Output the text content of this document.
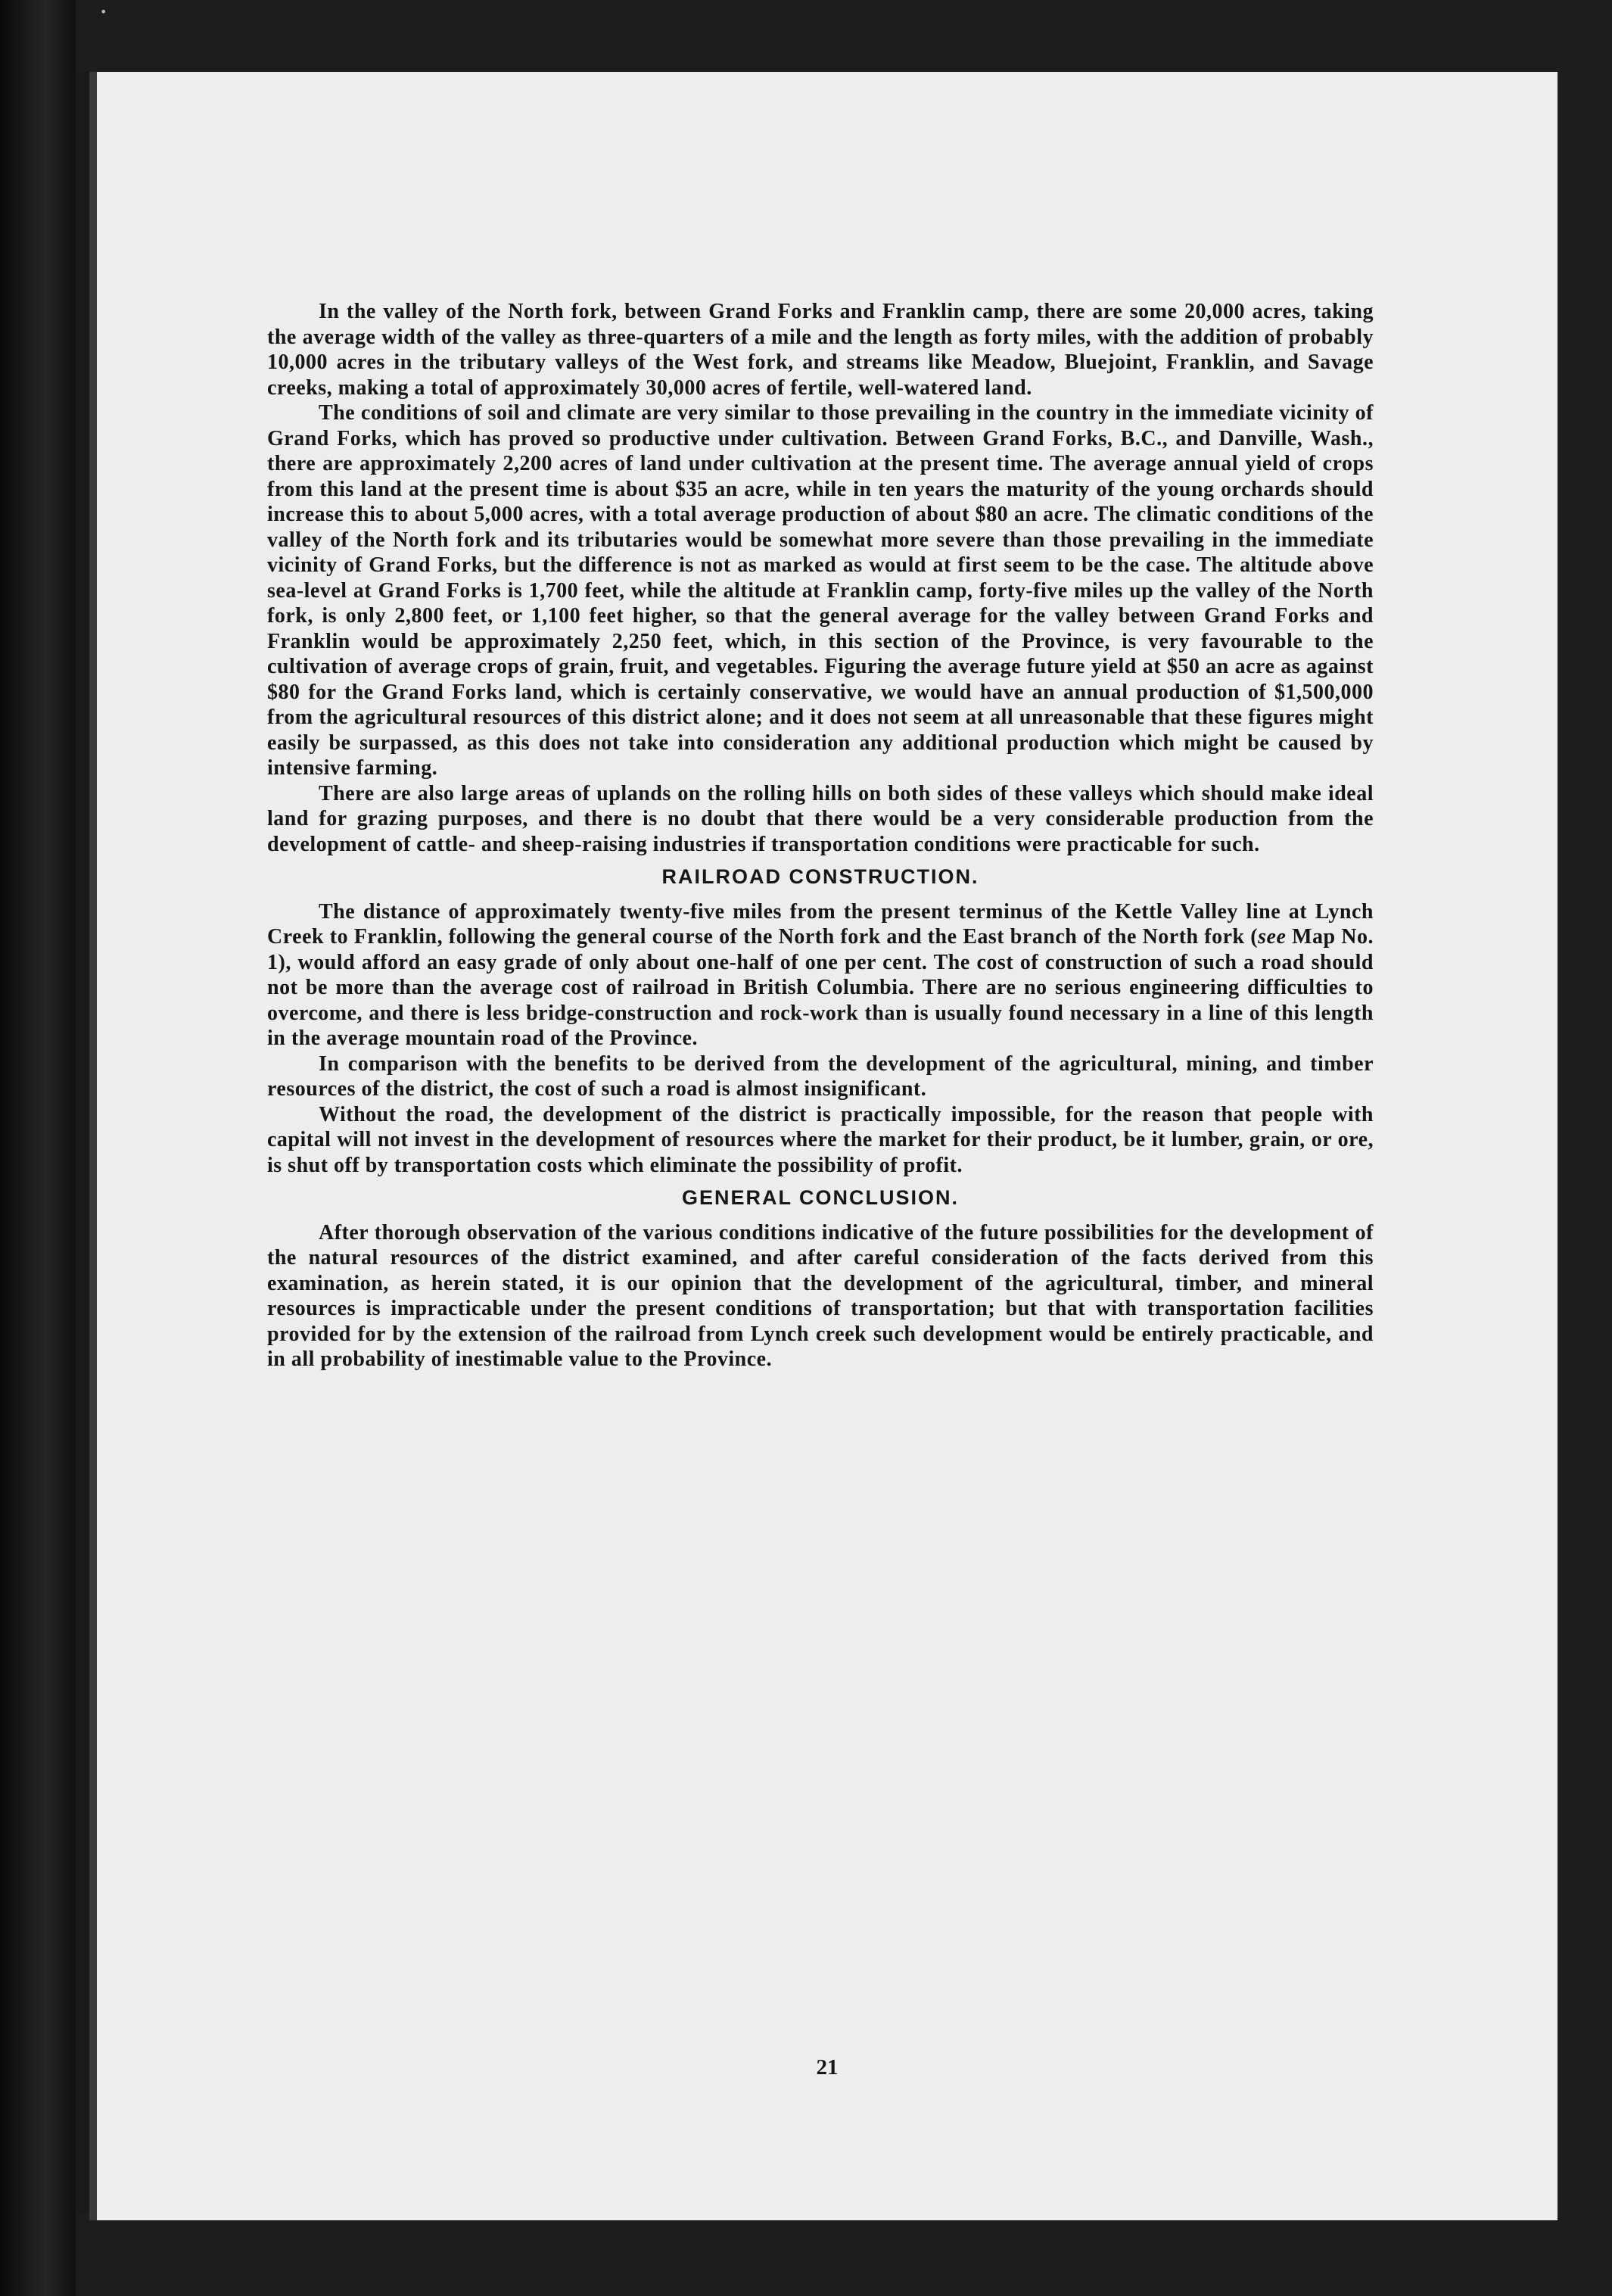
•

In the valley of the North fork, between Grand Forks and Franklin camp, there are some 20,000 acres, taking the average width of the valley as three-quarters of a mile and the length as forty miles, with the addition of probably 10,000 acres in the tributary valleys of the West fork, and streams like Meadow, Bluejoint, Franklin, and Savage creeks, making a total of approximately 30,000 acres of fertile, well-watered land.

The conditions of soil and climate are very similar to those prevailing in the country in the immediate vicinity of Grand Forks, which has proved so productive under cultivation. Between Grand Forks, B.C., and Danville, Wash., there are approximately 2,200 acres of land under cultivation at the present time. The average annual yield of crops from this land at the present time is about $35 an acre, while in ten years the maturity of the young orchards should increase this to about 5,000 acres, with a total average production of about $80 an acre. The climatic conditions of the valley of the North fork and its tributaries would be somewhat more severe than those prevailing in the immediate vicinity of Grand Forks, but the difference is not as marked as would at first seem to be the case. The altitude above sea-level at Grand Forks is 1,700 feet, while the altitude at Franklin camp, forty-five miles up the valley of the North fork, is only 2,800 feet, or 1,100 feet higher, so that the general average for the valley between Grand Forks and Franklin would be approximately 2,250 feet, which, in this section of the Province, is very favourable to the cultivation of average crops of grain, fruit, and vegetables. Figuring the average future yield at $50 an acre as against $80 for the Grand Forks land, which is certainly conservative, we would have an annual production of $1,500,000 from the agricultural resources of this district alone; and it does not seem at all unreasonable that these figures might easily be surpassed, as this does not take into consideration any additional production which might be caused by intensive farming.

There are also large areas of uplands on the rolling hills on both sides of these valleys which should make ideal land for grazing purposes, and there is no doubt that there would be a very considerable production from the development of cattle- and sheep-raising industries if transportation conditions were practicable for such.

RAILROAD CONSTRUCTION.

The distance of approximately twenty-five miles from the present terminus of the Kettle Valley line at Lynch Creek to Franklin, following the general course of the North fork and the East branch of the North fork (see Map No. 1), would afford an easy grade of only about one-half of one per cent. The cost of construction of such a road should not be more than the average cost of railroad in British Columbia. There are no serious engineering difficulties to overcome, and there is less bridge-construction and rock-work than is usually found necessary in a line of this length in the average mountain road of the Province.

In comparison with the benefits to be derived from the development of the agricultural, mining, and timber resources of the district, the cost of such a road is almost insignificant.

Without the road, the development of the district is practically impossible, for the reason that people with capital will not invest in the development of resources where the market for their product, be it lumber, grain, or ore, is shut off by transportation costs which eliminate the possibility of profit.

GENERAL CONCLUSION.

After thorough observation of the various conditions indicative of the future possibilities for the development of the natural resources of the district examined, and after careful consideration of the facts derived from this examination, as herein stated, it is our opinion that the development of the agricultural, timber, and mineral resources is impracticable under the present conditions of transportation; but that with transportation facilities provided for by the extension of the railroad from Lynch creek such development would be entirely practicable, and in all probability of inestimable value to the Province.

21
